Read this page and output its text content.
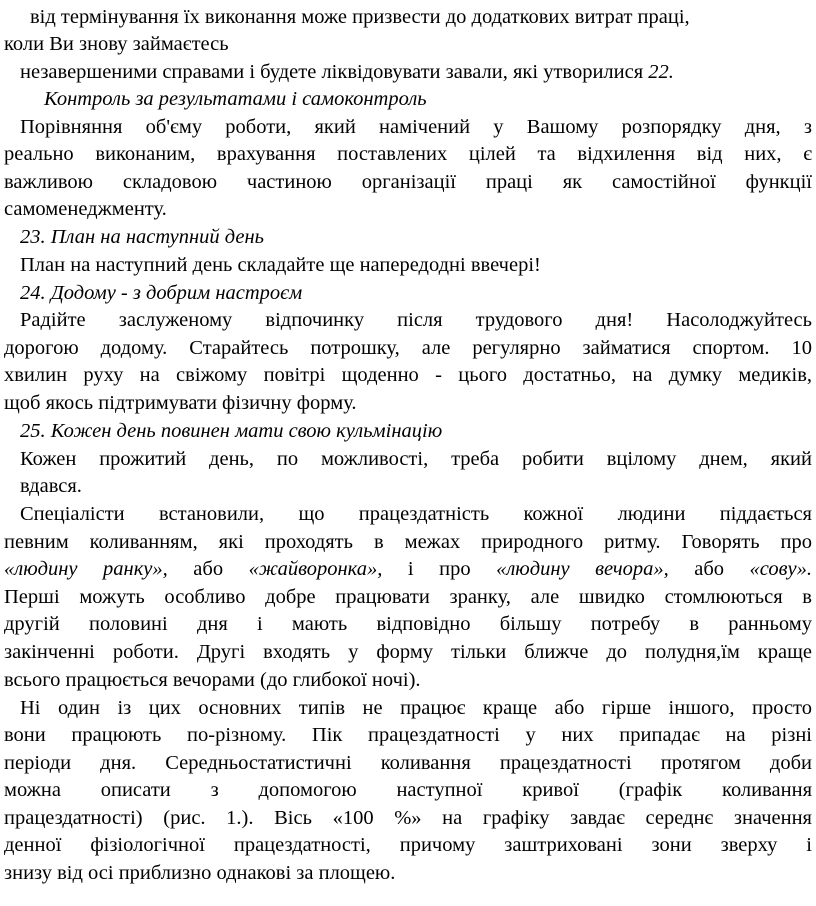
від термінування їх виконання може призвести до додаткових витрат праці,
коли Ви знову займаєтесь
незавершеними справами і будете ліквідовувати завали, які утворилися 22.
Контроль за результатами і самоконтроль
Порівняння об'єму роботи, який намічений у Вашому розпорядку дня, з
реально виконаним, врахування поставлених цілей та відхилення від них, є
важливою складовою частиною організації праці як самостійної функції
самоменеджменту.
23. План на наступний день
План на наступний день складайте ще напередодні ввечері!
24. Додому - з добрим настроєм
Радійте заслуженому відпочинку після трудового дня! Насолоджуйтесь
дорогою додому. Старайтесь потрошку, але регулярно займатися спортом. 10
хвилин руху на свіжому повітрі щоденно - цього достатньо, на думку медиків,
щоб якось підтримувати фізичну форму.
25. Кожен день повинен мати свою кульмінацію
Кожен прожитий день, по можливості, треба робити вцілому днем, який
вдався.
Спеціалісти встановили, що працездатність кожної людини піддається
певним коливанням, які проходять в межах природного ритму. Говорять про
«людину ранку», або «жайворонка», і про «людину вечора», або «сову».
Перші можуть особливо добре працювати зранку, але швидко стомлюються в
другій половині дня і мають відповідно більшу потребу в ранньому
закінченні роботи. Другі входять у форму тільки ближче до полудня,їм краще
всього працюється вечорами (до глибокої ночі).
Ні один із цих основних типів не працює краще або гірше іншого, просто
вони працюють по-різному. Пік працездатності у них припадає на різні
періоди дня. Середньостатистичні коливання працездатності протягом доби
можна описати з допомогою наступної кривої (графік коливання
працездатності) (рис. 1.). Вісь «100 %» на графіку завдає середнє значення
денної фізіологічної працездатності, причому заштриховані зони зверху і
знизу від осі приблизно однакові за площею.
